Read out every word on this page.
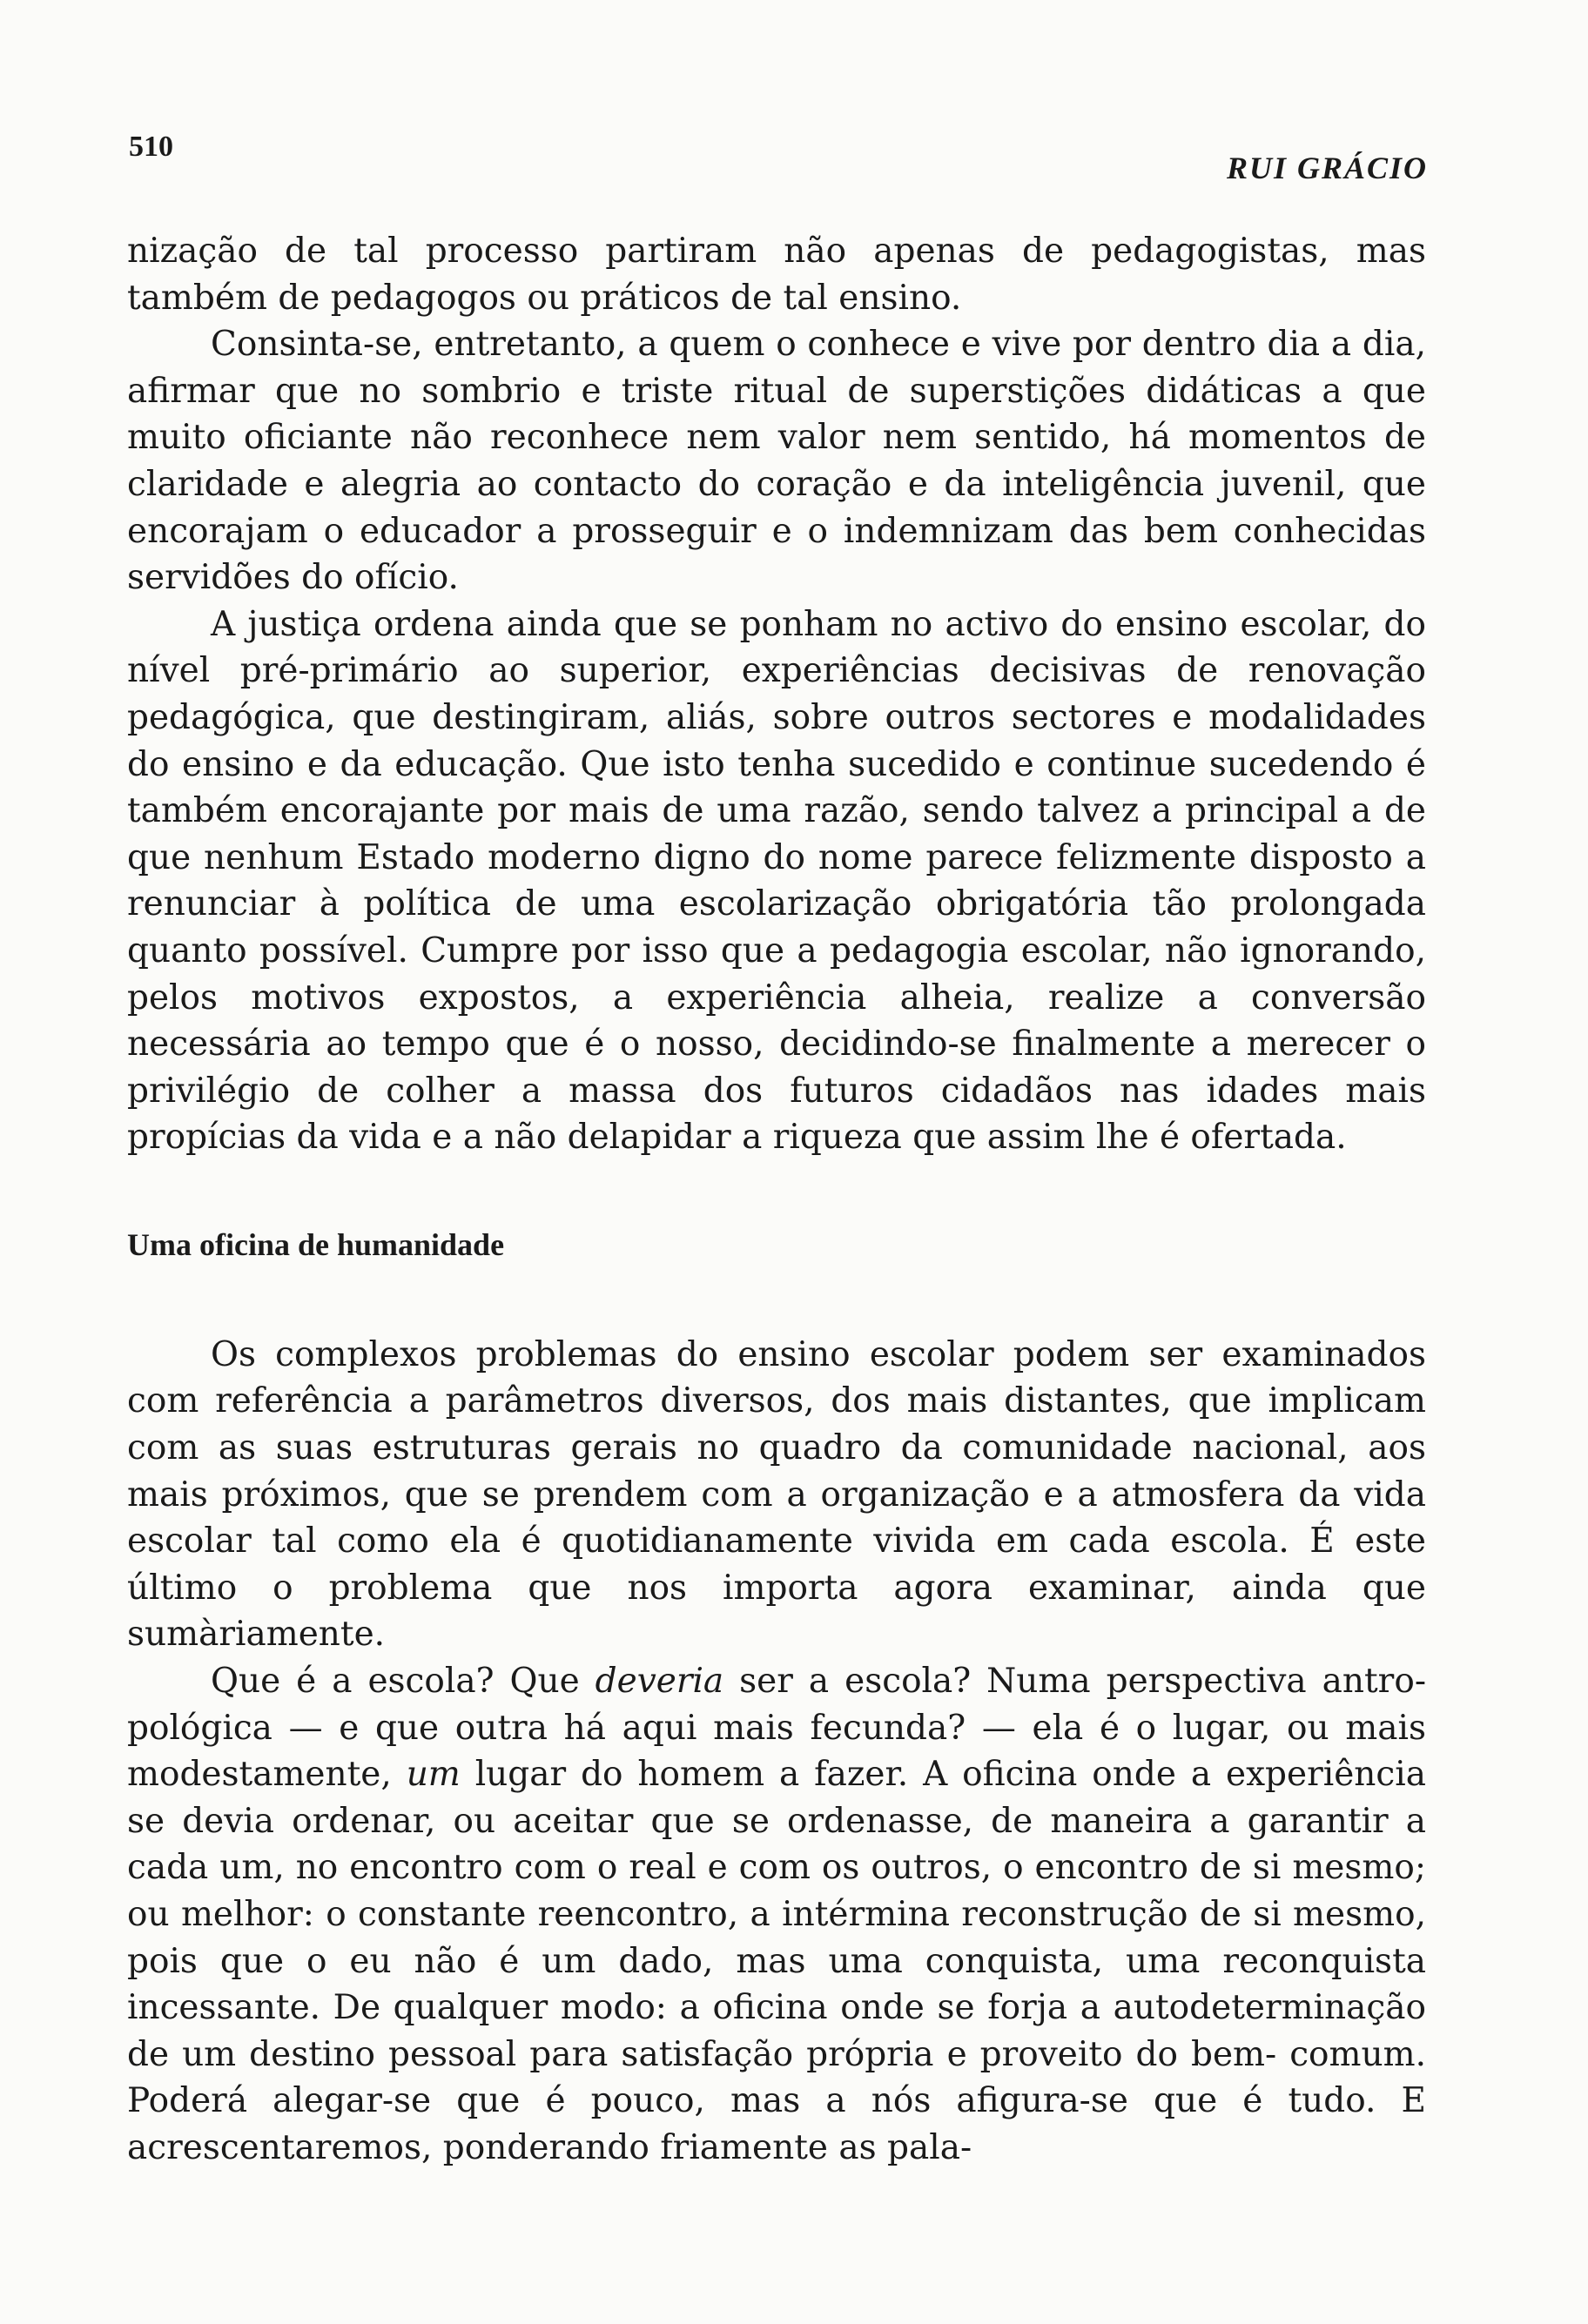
510
RUI GRÁCIO

nização de tal processo partiram não apenas de pedagogistas, mas também de pedagogos ou práticos de tal ensino.

Consinta-se, entretanto, a quem o conhece e vive por dentro dia a dia, afirmar que no sombrio e triste ritual de superstições didáticas a que muito oficiante não reconhece nem valor nem sentido, há momentos de claridade e alegria ao contacto do coração e da inteligência juvenil, que encorajam o educador a prosseguir e o indemnizam das bem conhecidas servidões do ofício.

A justiça ordena ainda que se ponham no activo do ensino escolar, do nível pré-primário ao superior, experiências decisivas de renovação pedagógica, que destingiram, aliás, sobre outros sectores e modalidades do ensino e da educação. Que isto tenha sucedido e continue sucedendo é também encorajante por mais de uma razão, sendo talvez a principal a de que nenhum Estado moderno digno do nome parece felizmente disposto a renunciar à política de uma escolarização obrigatória tão prolongada quanto possível. Cumpre por isso que a pedagogia escolar, não ignorando, pelos motivos expostos, a experiência alheia, realize a conversão necessária ao tempo que é o nosso, decidindo-se finalmente a merecer o privilégio de colher a massa dos futuros cidadãos nas idades mais propícias da vida e a não delapidar a riqueza que assim lhe é ofertada.

Uma oficina de humanidade

Os complexos problemas do ensino escolar podem ser examinados com referência a parâmetros diversos, dos mais distantes, que implicam com as suas estruturas gerais no quadro da comunidade nacional, aos mais próximos, que se prendem com a organização e a atmosfera da vida escolar tal como ela é quotidianamente vivida em cada escola. É este último o problema que nos importa agora examinar, ainda que sumàriamente.

Que é a escola? Que deveria ser a escola? Numa perspectiva antropológica — e que outra há aqui mais fecunda? — ela é o lugar, ou mais modestamente, um lugar do homem a fazer. A oficina onde a experiência se devia ordenar, ou aceitar que se ordenasse, de maneira a garantir a cada um, no encontro com o real e com os outros, o encontro de si mesmo; ou melhor: o constante reencontro, a intérmina reconstrução de si mesmo, pois que o eu não é um dado, mas uma conquista, uma reconquista incessante. De qualquer modo: a oficina onde se forja a autodeterminação de um destino pessoal para satisfação própria e proveito do bem- comum. Poderá alegar-se que é pouco, mas a nós afigura-se que é tudo. E acrescentaremos, ponderando friamente as pala-
